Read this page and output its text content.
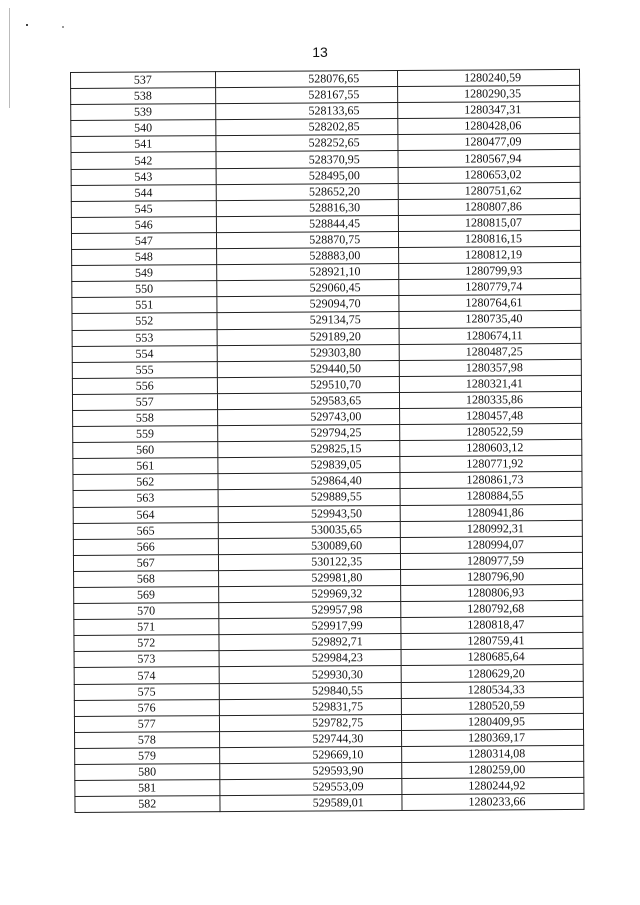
13
537	528076,65	1280240,59
538	528167,55	1280290,35
539	528133,65	1280347,31
540	528202,85	1280428,06
541	528252,65	1280477,09
542	528370,95	1280567,94
543	528495,00	1280653,02
544	528652,20	1280751,62
545	528816,30	1280807,86
546	528844,45	1280815,07
547	528870,75	1280816,15
548	528883,00	1280812,19
549	528921,10	1280799,93
550	529060,45	1280779,74
551	529094,70	1280764,61
552	529134,75	1280735,40
553	529189,20	1280674,11
554	529303,80	1280487,25
555	529440,50	1280357,98
556	529510,70	1280321,41
557	529583,65	1280335,86
558	529743,00	1280457,48
559	529794,25	1280522,59
560	529825,15	1280603,12
561	529839,05	1280771,92
562	529864,40	1280861,73
563	529889,55	1280884,55
564	529943,50	1280941,86
565	530035,65	1280992,31
566	530089,60	1280994,07
567	530122,35	1280977,59
568	529981,80	1280796,90
569	529969,32	1280806,93
570	529957,98	1280792,68
571	529917,99	1280818,47
572	529892,71	1280759,41
573	529984,23	1280685,64
574	529930,30	1280629,20
575	529840,55	1280534,33
576	529831,75	1280520,59
577	529782,75	1280409,95
578	529744,30	1280369,17
579	529669,10	1280314,08
580	529593,90	1280259,00
581	529553,09	1280244,92
582	529589,01	1280233,66
